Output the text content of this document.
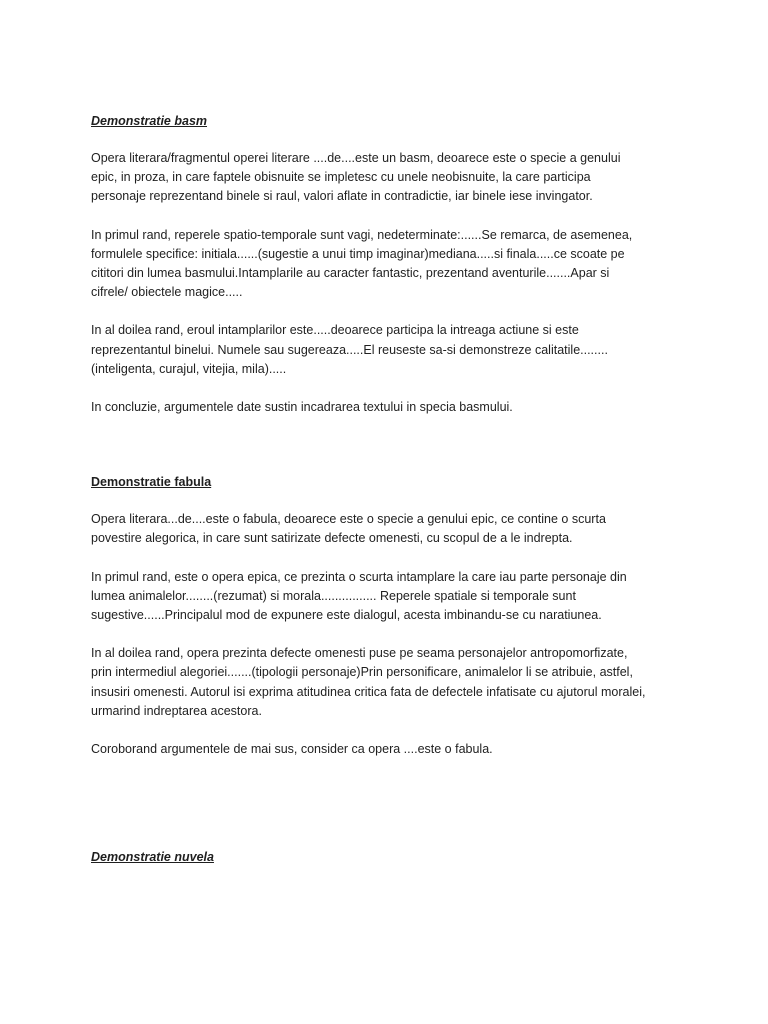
Demonstratie basm

Opera literara/fragmentul operei literare ....de....este un basm, deoarece este o specie a genului
epic, in proza, in care faptele obisnuite se impletesc cu unele neobisnuite, la care participa
personaje reprezentand binele si raul, valori aflate in contradictie, iar binele iese invingator.

In primul rand, reperele spatio-temporale sunt vagi, nedeterminate:......Se remarca, de asemenea,
formulele specifice: initiala......(sugestie a unui timp imaginar)mediana.....si finala.....ce scoate pe
cititori din lumea basmului.Intamplarile au caracter fantastic, prezentand aventurile.......Apar si
cifrele/ obiectele magice.....

In al doilea rand, eroul intamplarilor este.....deoarece participa la intreaga actiune si este
reprezentantul binelui. Numele sau sugereaza.....El reuseste sa-si demonstreze calitatile........
(inteligenta, curajul, vitejia, mila).....

In concluzie, argumentele date sustin incadrarea textului in specia basmului.

Demonstratie fabula

Opera literara...de....este o fabula, deoarece este o specie a genului epic, ce contine o scurta
povestire alegorica, in care sunt satirizate defecte omenesti, cu scopul de a le indrepta.

In primul rand, este o opera epica, ce prezinta o scurta intamplare la care iau parte personaje din
lumea animalelor........(rezumat) si morala................ Reperele spatiale si temporale sunt
sugestive......Principalul mod de expunere este dialogul, acesta imbinandu-se cu naratiunea.

In al doilea rand, opera prezinta defecte omenesti puse pe seama personajelor antropomorfizate,
prin intermediul alegoriei.......(tipologii personaje)Prin personificare, animalelor li se atribuie, astfel,
insusiri omenesti. Autorul isi exprima atitudinea critica fata de defectele infatisate cu ajutorul moralei,
urmarind indreptarea acestora.

Coroborand argumentele de mai sus, consider ca opera ....este o fabula.

Demonstratie nuvela
